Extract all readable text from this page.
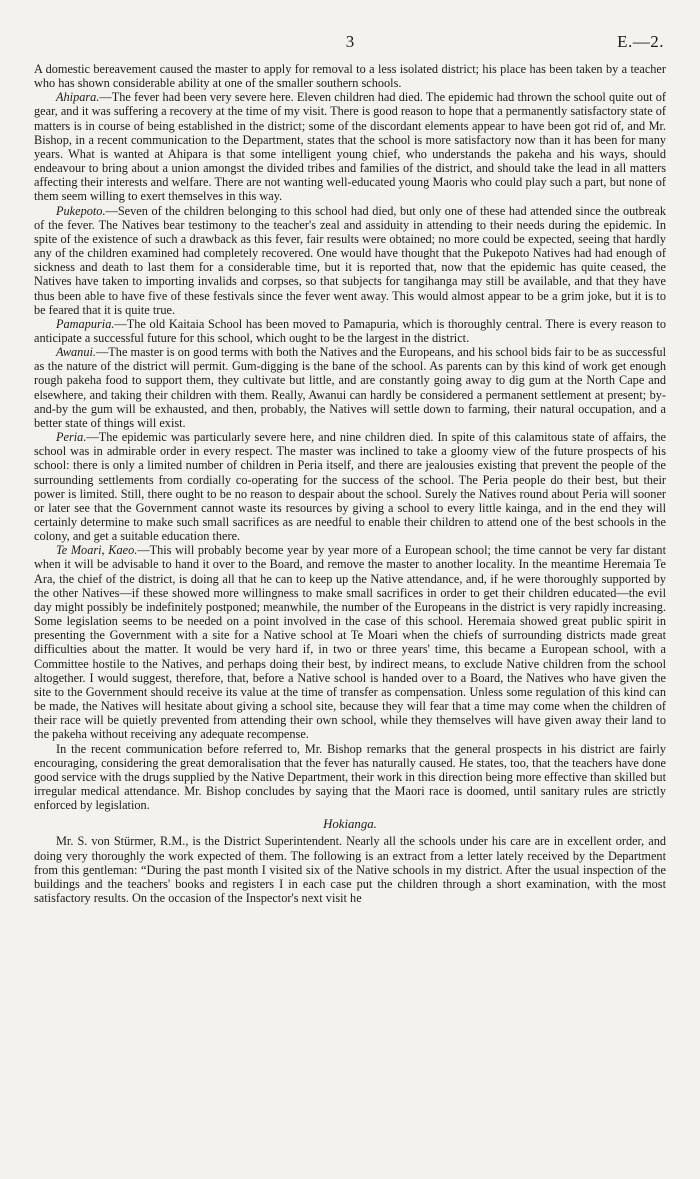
3	E.—2.

A domestic bereavement caused the master to apply for removal to a less isolated district; his place has been taken by a teacher who has shown considerable ability at one of the smaller southern schools.

Ahipara.—The fever had been very severe here. Eleven children had died. The epidemic had thrown the school quite out of gear, and it was suffering a recovery at the time of my visit. There is good reason to hope that a permanently satisfactory state of matters is in course of being established in the district; some of the discordant elements appear to have been got rid of, and Mr. Bishop, in a recent communication to the Department, states that the school is more satisfactory now than it has been for many years. What is wanted at Ahipara is that some intelligent young chief, who understands the pakeha and his ways, should endeavour to bring about a union amongst the divided tribes and families of the district, and should take the lead in all matters affecting their interests and welfare. There are not wanting well-educated young Maoris who could play such a part, but none of them seem willing to exert themselves in this way.

Pukepoto.—Seven of the children belonging to this school had died, but only one of these had attended since the outbreak of the fever. The Natives bear testimony to the teacher's zeal and assiduity in attending to their needs during the epidemic. In spite of the existence of such a drawback as this fever, fair results were obtained; no more could be expected, seeing that hardly any of the children examined had completely recovered. One would have thought that the Pukepoto Natives had had enough of sickness and death to last them for a considerable time, but it is reported that, now that the epidemic has quite ceased, the Natives have taken to importing invalids and corpses, so that subjects for tangihanga may still be available, and that they have thus been able to have five of these festivals since the fever went away. This would almost appear to be a grim joke, but it is to be feared that it is quite true.

Pamapuria.—The old Kaitaia School has been moved to Pamapuria, which is thoroughly central. There is every reason to anticipate a successful future for this school, which ought to be the largest in the district.

Awanui.—The master is on good terms with both the Natives and the Europeans, and his school bids fair to be as successful as the nature of the district will permit. Gum-digging is the bane of the school. As parents can by this kind of work get enough rough pakeha food to support them, they cultivate but little, and are constantly going away to dig gum at the North Cape and elsewhere, and taking their children with them. Really, Awanui can hardly be considered a permanent settlement at present; by-and-by the gum will be exhausted, and then, probably, the Natives will settle down to farming, their natural occupation, and a better state of things will exist.

Peria.—The epidemic was particularly severe here, and nine children died. In spite of this calamitous state of affairs, the school was in admirable order in every respect. The master was inclined to take a gloomy view of the future prospects of his school: there is only a limited number of children in Peria itself, and there are jealousies existing that prevent the people of the surrounding settlements from cordially co-operating for the success of the school. The Peria people do their best, but their power is limited. Still, there ought to be no reason to despair about the school. Surely the Natives round about Peria will sooner or later see that the Government cannot waste its resources by giving a school to every little kainga, and in the end they will certainly determine to make such small sacrifices as are needful to enable their children to attend one of the best schools in the colony, and get a suitable education there.

Te Moari, Kaeo.—This will probably become year by year more of a European school; the time cannot be very far distant when it will be advisable to hand it over to the Board, and remove the master to another locality. In the meantime Heremaia Te Ara, the chief of the district, is doing all that he can to keep up the Native attendance, and, if he were thoroughly supported by the other Natives—if these showed more willingness to make small sacrifices in order to get their children educated—the evil day might possibly be indefinitely postponed; meanwhile, the number of the Europeans in the district is very rapidly increasing. Some legislation seems to be needed on a point involved in the case of this school. Heremaia showed great public spirit in presenting the Government with a site for a Native school at Te Moari when the chiefs of surrounding districts made great difficulties about the matter. It would be very hard if, in two or three years' time, this became a European school, with a Committee hostile to the Natives, and perhaps doing their best, by indirect means, to exclude Native children from the school altogether. I would suggest, therefore, that, before a Native school is handed over to a Board, the Natives who have given the site to the Government should receive its value at the time of transfer as compensation. Unless some regulation of this kind can be made, the Natives will hesitate about giving a school site, because they will fear that a time may come when the children of their race will be quietly prevented from attending their own school, while they themselves will have given away their land to the pakeha without receiving any adequate recompense.

In the recent communication before referred to, Mr. Bishop remarks that the general prospects in his district are fairly encouraging, considering the great demoralisation that the fever has naturally caused. He states, too, that the teachers have done good service with the drugs supplied by the Native Department, their work in this direction being more effective than skilled but irregular medical attendance. Mr. Bishop concludes by saying that the Maori race is doomed, until sanitary rules are strictly enforced by legislation.

Hokianga.

Mr. S. von Stürmer, R.M., is the District Superintendent. Nearly all the schools under his care are in excellent order, and doing very thoroughly the work expected of them. The following is an extract from a letter lately received by the Department from this gentleman: “During the past month I visited six of the Native schools in my district. After the usual inspection of the buildings and the teachers' books and registers I in each case put the children through a short examination, with the most satisfactory results. On the occasion of the Inspector's next visit he
